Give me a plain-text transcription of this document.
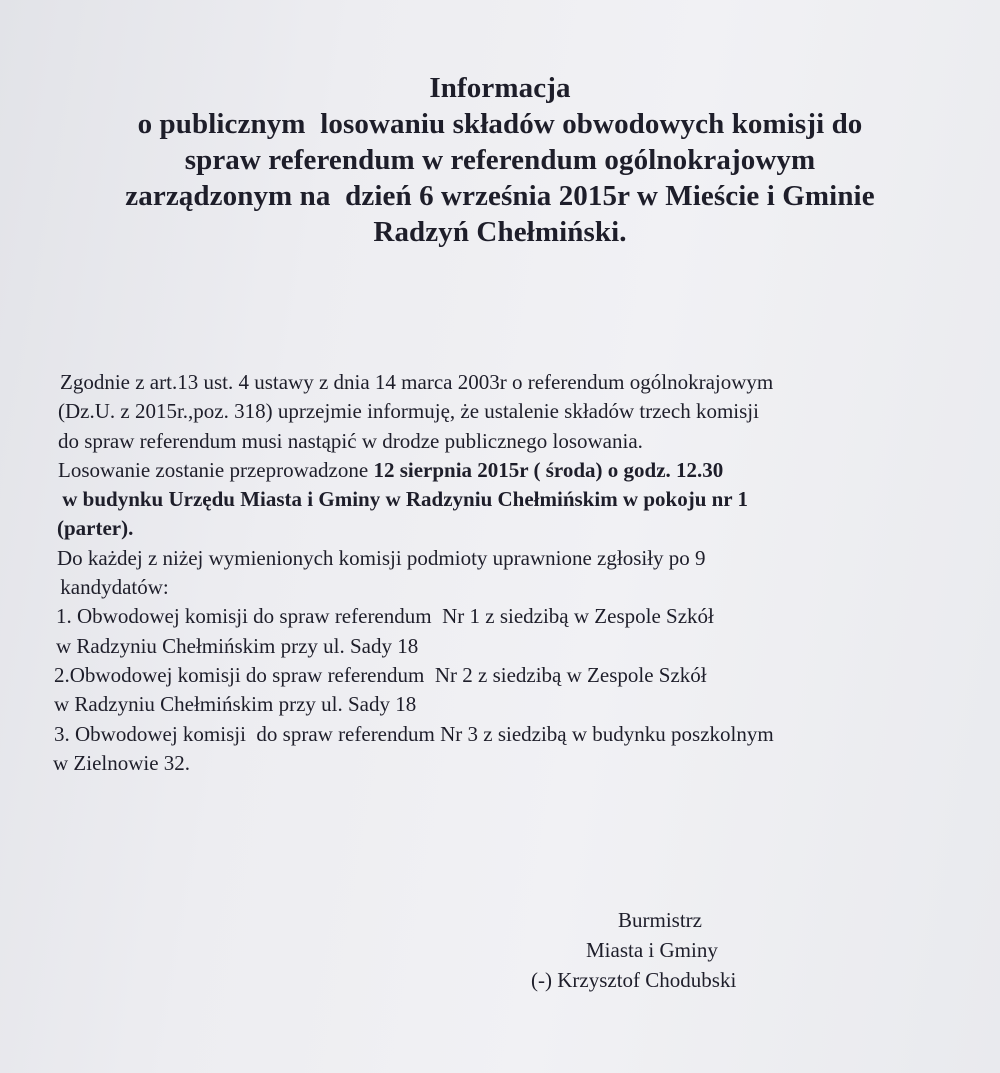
Informacja
o publicznym  losowaniu składów obwodowych komisji do
spraw referendum w referendum ogólnokrajowym
zarządzonym na  dzień 6 września 2015r w Mieście i Gminie
Radzyń Chełmiński.
Zgodnie z art.13 ust. 4 ustawy z dnia 14 marca 2003r o referendum ogólnokrajowym
(Dz.U. z 2015r.,poz. 318) uprzejmie informuję, że ustalenie składów trzech komisji
do spraw referendum musi nastąpić w drodze publicznego losowania.
Losowanie zostanie przeprowadzone 12 sierpnia 2015r ( środa) o godz. 12.30
w budynku Urzędu Miasta i Gminy w Radzyniu Chełmińskim w pokoju nr 1
(parter).
Do każdej z niżej wymienionych komisji podmioty uprawnione zgłosiły po 9
kandydatów:
1. Obwodowej komisji do spraw referendum  Nr 1 z siedzibą w Zespole Szkół
w Radzyniu Chełmińskim przy ul. Sady 18
2.Obwodowej komisji do spraw referendum  Nr 2 z siedzibą w Zespole Szkół
w Radzyniu Chełmińskim przy ul. Sady 18
3. Obwodowej komisji  do spraw referendum Nr 3 z siedzibą w budynku poszkolnym
w Zielnowie 32.
Burmistrz
Miasta i Gminy
(-) Krzysztof Chodubski
